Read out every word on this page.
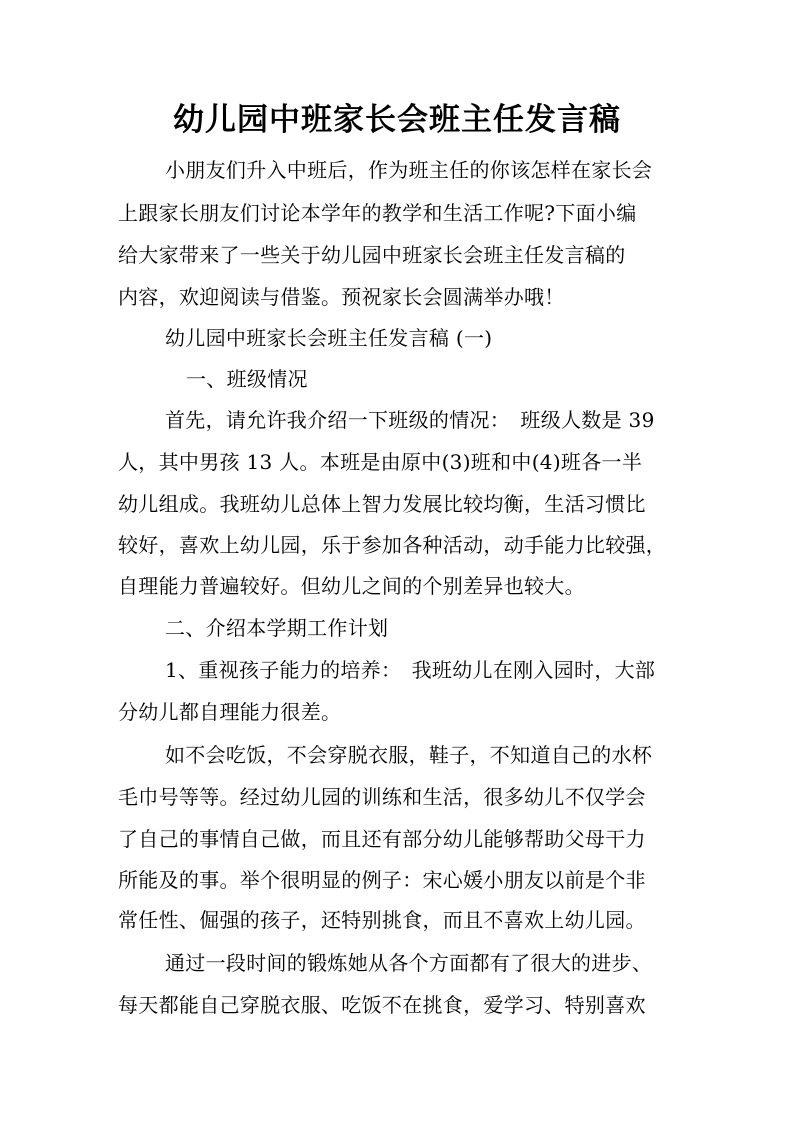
幼儿园中班家长会班主任发言稿
小朋友们升入中班后，作为班主任的你该怎样在家长会
上跟家长朋友们讨论本学年的教学和生活工作呢?下面小编
给大家带来了一些关于幼儿园中班家长会班主任发言稿的
内容，欢迎阅读与借鉴。预祝家长会圆满举办哦！
幼儿园中班家长会班主任发言稿 (一)
一、班级情况
首先，请允许我介绍一下班级的情况：　班级人数是 39
人，其中男孩 13 人。本班是由原中(3)班和中(4)班各一半
幼儿组成。我班幼儿总体上智力发展比较均衡，生活习惯比
较好，喜欢上幼儿园，乐于参加各种活动，动手能力比较强，
自理能力普遍较好。但幼儿之间的个别差异也较大。
二、介绍本学期工作计划
1、重视孩子能力的培养：　我班幼儿在刚入园时，大部
分幼儿都自理能力很差。
如不会吃饭，不会穿脱衣服，鞋子，不知道自己的水杯
毛巾号等等。经过幼儿园的训练和生活，很多幼儿不仅学会
了自己的事情自己做，而且还有部分幼儿能够帮助父母干力
所能及的事。举个很明显的例子：宋心媛小朋友以前是个非
常任性、倔强的孩子，还特别挑食，而且不喜欢上幼儿园。
通过一段时间的锻炼她从各个方面都有了很大的进步、
每天都能自己穿脱衣服、吃饭不在挑食，爱学习、特别喜欢
